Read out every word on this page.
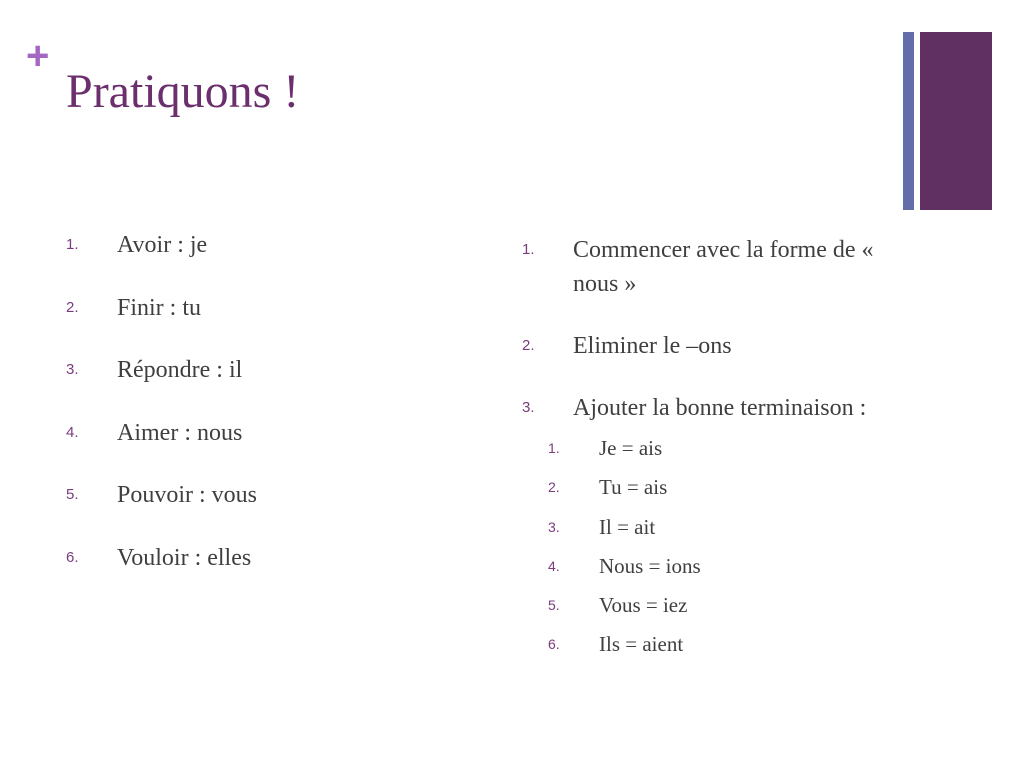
+
Pratiquons !
1. Avoir : je
2. Finir : tu
3. Répondre : il
4. Aimer : nous
5. Pouvoir : vous
6. Vouloir : elles
1. Commencer avec la forme de « nous »
2. Eliminer le –ons
3. Ajouter la bonne terminaison :
1. Je = ais
2. Tu = ais
3. Il = ait
4. Nous = ions
5. Vous = iez
6. Ils = aient
